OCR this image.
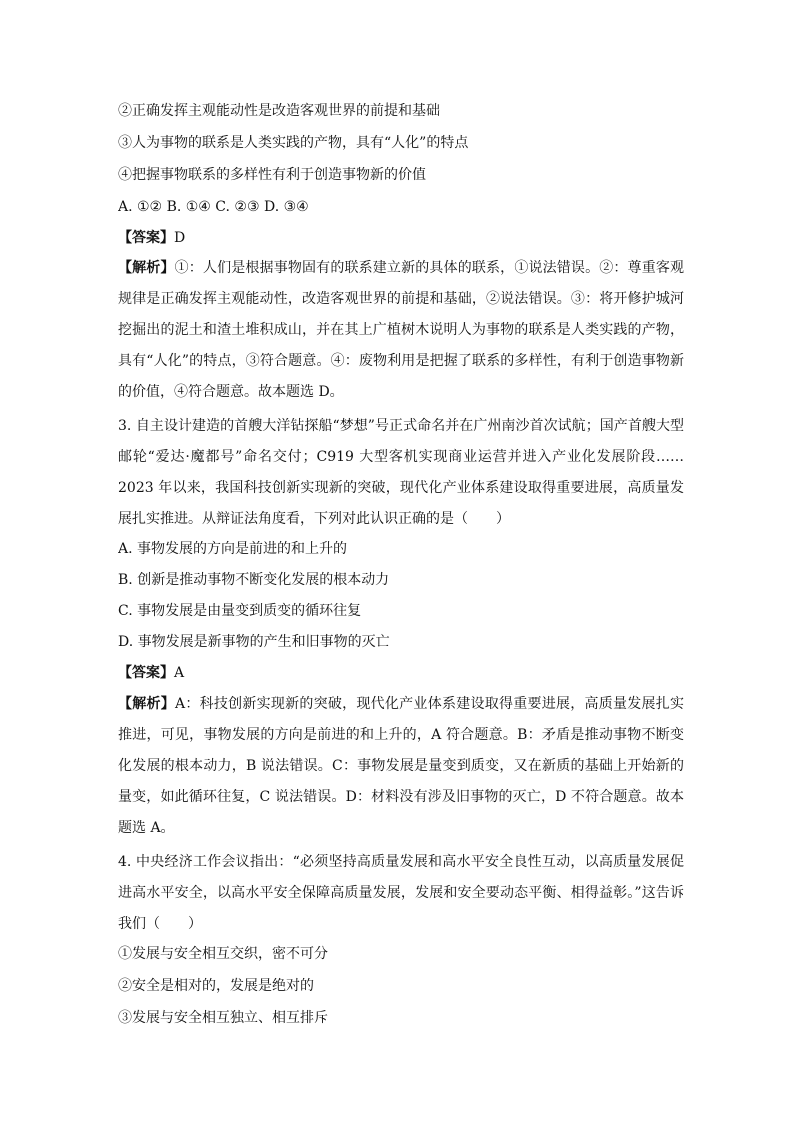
②正确发挥主观能动性是改造客观世界的前提和基础
③人为事物的联系是人类实践的产物，具有“人化”的特点
④把握事物联系的多样性有利于创造事物新的价值
A. ①② B. ①④ C. ②③ D. ③④
【答案】D
【解析】①：人们是根据事物固有的联系建立新的具体的联系，①说法错误。②：尊重客观规律是正确发挥主观能动性，改造客观世界的前提和基础，②说法错误。③：将开修护城河挖掘出的泥土和渣土堆积成山，并在其上广植树木说明人为事物的联系是人类实践的产物，具有“人化”的特点，③符合题意。④：废物利用是把握了联系的多样性，有利于创造事物新的价值，④符合题意。故本题选 D。
3. 自主设计建造的首艘大洋钻探船“梦想”号正式命名并在广州南沙首次试航；国产首艘大型邮轮“爱达·魔都号”命名交付；C919 大型客机实现商业运营并进入产业化发展阶段……2023 年以来，我国科技创新实现新的突破，现代化产业体系建设取得重要进展，高质量发展扎实推进。从辩证法角度看，下列对此认识正确的是（　　）
A. 事物发展的方向是前进的和上升的
B. 创新是推动事物不断变化发展的根本动力
C. 事物发展是由量变到质变的循环往复
D. 事物发展是新事物的产生和旧事物的灭亡
【答案】A
【解析】A：科技创新实现新的突破，现代化产业体系建设取得重要进展，高质量发展扎实推进，可见，事物发展的方向是前进的和上升的，A 符合题意。B：矛盾是推动事物不断变化发展的根本动力，B 说法错误。C：事物发展是量变到质变，又在新质的基础上开始新的量变，如此循环往复，C 说法错误。D：材料没有涉及旧事物的灭亡，D 不符合题意。故本题选 A。
4. 中央经济工作会议指出：“必须坚持高质量发展和高水平安全良性互动，以高质量发展促进高水平安全，以高水平安全保障高质量发展，发展和安全要动态平衡、相得益彰。”这告诉我们（　　）
①发展与安全相互交织，密不可分
②安全是相对的，发展是绝对的
③发展与安全相互独立、相互排斥
